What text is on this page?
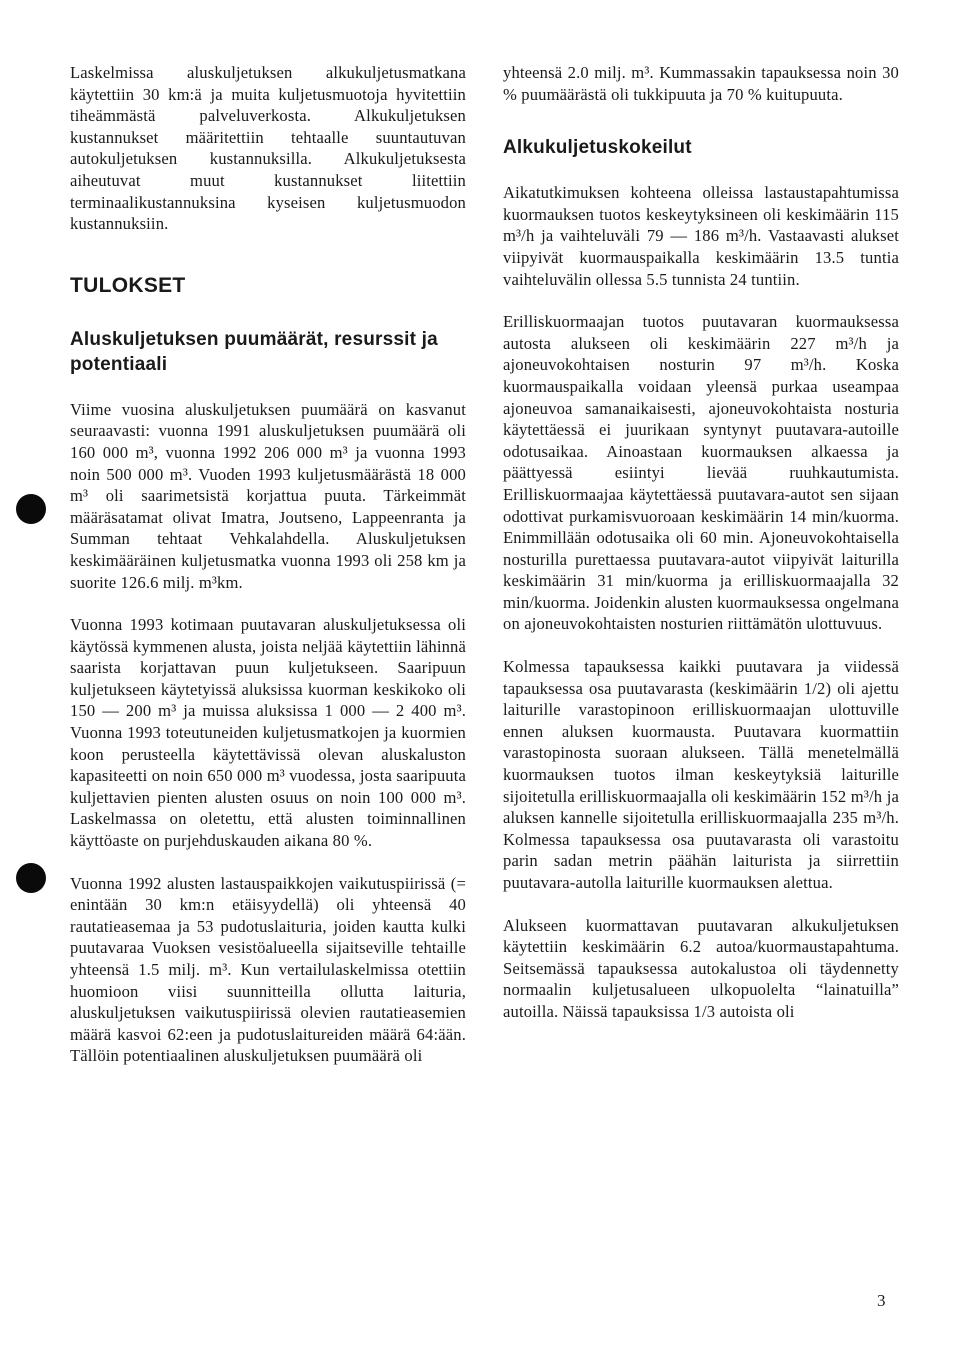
Laskelmissa aluskuljetuksen alkukuljetusmatkana käytettiin 30 km:ä ja muita kuljetusmuotoja hyvitettiin tiheämmästä palveluverkosta. Alkukuljetuksen kustannukset määritettiin tehtaalle suuntautuvan autokuljetuksen kustannuksilla. Alkukuljetuksesta aiheutuvat muut kustannukset liitettiin terminaalikustannuksina kyseisen kuljetusmuodon kustannuksiin.

TULOKSET
Aluskuljetuksen puumäärät, resurssit ja potentiaali

Viime vuosina aluskuljetuksen puumäärä on kasvanut seuraavasti: vuonna 1991 aluskuljetuksen puumäärä oli 160 000 m³, vuonna 1992 206 000 m³ ja vuonna 1993 noin 500 000 m³. Vuoden 1993 kuljetusmäärästä 18 000 m³ oli saarimetsistä korjattua puuta. Tärkeimmät määräsatamat olivat Imatra, Joutseno, Lappeenranta ja Summan tehtaat Vehkalahdella. Aluskuljetuksen keskimääräinen kuljetusmatka vuonna 1993 oli 258 km ja suorite 126.6 milj. m³km.

Vuonna 1993 kotimaan puutavaran aluskuljetuksessa oli käytössä kymmenen alusta, joista neljää käytettiin lähinnä saarista korjattavan puun kuljetukseen. Saaripuun kuljetukseen käytetyissä aluksissa kuorman keskikoko oli 150 — 200 m³ ja muissa aluksissa 1 000 — 2 400 m³. Vuonna 1993 toteutuneiden kuljetusmatkojen ja kuormien koon perusteella käytettävissä olevan aluskaluston kapasiteetti on noin 650 000 m³ vuodessa, josta saaripuuta kuljettavien pienten alusten osuus on noin 100 000 m³. Laskelmassa on oletettu, että alusten toiminnallinen käyttöaste on purjehduskauden aikana 80 %.

Vuonna 1992 alusten lastauspaikkojen vaikutuspiirissä (= enintään 30 km:n etäisyydellä) oli yhteensä 40 rautatieasemaa ja 53 pudotuslaituria, joiden kautta kulki puutavaraa Vuoksen vesistöalueella sijaitseville tehtaille yhteensä 1.5 milj. m³. Kun vertailulaskelmissa otettiin huomioon viisi suunnitteilla ollutta laituria, aluskuljetuksen vaikutuspiirissä olevien rautatieasemien määrä kasvoi 62:een ja pudotuslaitureiden määrä 64:ään. Tällöin potentiaalinen aluskuljetuksen puumäärä oli

yhteensä 2.0 milj. m³. Kummassakin tapauksessa noin 30 % puumäärästä oli tukkipuuta ja 70 % kuitupuuta.

Alkukuljetuskokeilut

Aikatutkimuksen kohteena olleissa lastaustapahtumissa kuormauksen tuotos keskeytyksineen oli keskimäärin 115 m³/h ja vaihteluväli 79 — 186 m³/h. Vastaavasti alukset viipyivät kuormauspaikalla keskimäärin 13.5 tuntia vaihteluvälin ollessa 5.5 tunnista 24 tuntiin.

Erilliskuormaajan tuotos puutavaran kuormauksessa autosta alukseen oli keskimäärin 227 m³/h ja ajoneuvokohtaisen nosturin 97 m³/h. Koska kuormauspaikalla voidaan yleensä purkaa useampaa ajoneuvoa samanaikaisesti, ajoneuvokohtaista nosturia käytettäessä ei juurikaan syntynyt puutavara-autoille odotusaikaa. Ainoastaan kuormauksen alkaessa ja päättyessä esiintyi lievää ruuhkautumista. Erilliskuormaajaa käytettäessä puutavara-autot sen sijaan odottivat purkamisvuoroaan keskimäärin 14 min/kuorma. Enimmillään odotusaika oli 60 min. Ajoneuvokohtaisella nosturilla purettaessa puutavara-autot viipyivät laiturilla keskimäärin 31 min/kuorma ja erilliskuormaajalla 32 min/kuorma. Joidenkin alusten kuormauksessa ongelmana on ajoneuvokohtaisten nosturien riittämätön ulottuvuus.

Kolmessa tapauksessa kaikki puutavara ja viidessä tapauksessa osa puutavarasta (keskimäärin 1/2) oli ajettu laiturille varastopinoon erilliskuormaajan ulottuville ennen aluksen kuormausta. Puutavara kuormattiin varastopinosta suoraan alukseen. Tällä menetelmällä kuormauksen tuotos ilman keskeytyksiä laiturille sijoitetulla erilliskuormaajalla oli keskimäärin 152 m³/h ja aluksen kannelle sijoitetulla erilliskuormaajalla 235 m³/h. Kolmessa tapauksessa osa puutavarasta oli varastoitu parin sadan metrin päähän laiturista ja siirrettiin puutavara-autolla laiturille kuormauksen alettua.

Alukseen kuormattavan puutavaran alkukuljetuksen käytettiin keskimäärin 6.2 autoa/kuormaustapahtuma. Seitsemässä tapauksessa autokalustoa oli täydennetty normaalin kuljetusalueen ulkopuolelta “lainatuilla” autoilla. Näissä tapauksissa 1/3 autoista oli

3
